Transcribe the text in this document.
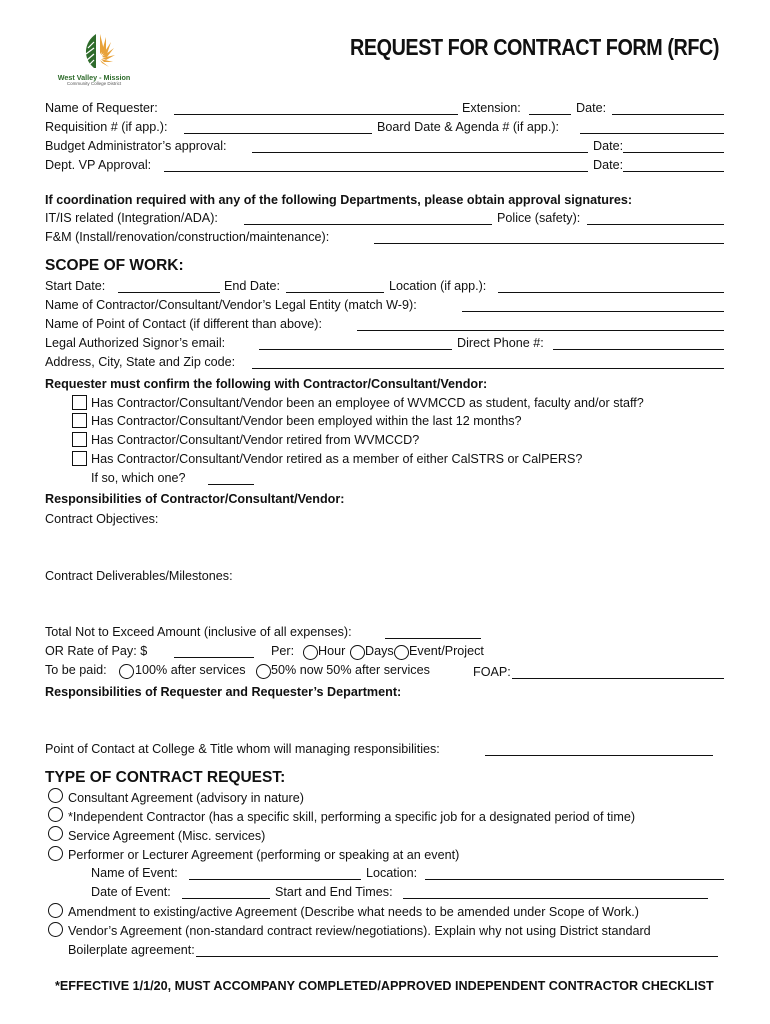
West Valley - Mission
Community College District
REQUEST FOR CONTRACT FORM (RFC)
Name of Requester:	Extension:	Date:
Requisition # (if app.):	Board Date & Agenda # (if app.):
Budget Administrator’s approval:	Date:
Dept. VP Approval:	Date:
If coordination required with any of the following Departments, please obtain approval signatures:
IT/IS related (Integration/ADA):	Police (safety):
F&M (Install/renovation/construction/maintenance):
SCOPE OF WORK:
Start Date:	End Date:	Location (if app.):
Name of Contractor/Consultant/Vendor’s Legal Entity (match W-9):
Name of Point of Contact (if different than above):
Legal Authorized Signor’s email:	Direct Phone #:
Address, City, State and Zip code:
Requester must confirm the following with Contractor/Consultant/Vendor:
Has Contractor/Consultant/Vendor been an employee of WVMCCD as student, faculty and/or staff?
Has Contractor/Consultant/Vendor been employed within the last 12 months?
Has Contractor/Consultant/Vendor retired from WVMCCD?
Has Contractor/Consultant/Vendor retired as a member of either CalSTRS or CalPERS?
If so, which one?
Responsibilities of Contractor/Consultant/Vendor:
Contract Objectives:
Contract Deliverables/Milestones:
Total Not to Exceed Amount (inclusive of all expenses):
OR Rate of Pay: $	Per: Hour Days Event/Project
To be paid: 100% after services 50% now 50% after services	FOAP:
Responsibilities of Requester and Requester’s Department:
Point of Contact at College & Title whom will managing responsibilities:
TYPE OF CONTRACT REQUEST:
Consultant Agreement (advisory in nature)
*Independent Contractor (has a specific skill, performing a specific job for a designated period of time)
Service Agreement (Misc. services)
Performer or Lecturer Agreement (performing or speaking at an event)
Name of Event:	Location:
Date of Event:	Start and End Times:
Amendment to existing/active Agreement (Describe what needs to be amended under Scope of Work.)
Vendor’s Agreement (non-standard contract review/negotiations). Explain why not using District standard
Boilerplate agreement:
*EFFECTIVE 1/1/20, MUST ACCOMPANY COMPLETED/APPROVED INDEPENDENT CONTRACTOR CHECKLIST
